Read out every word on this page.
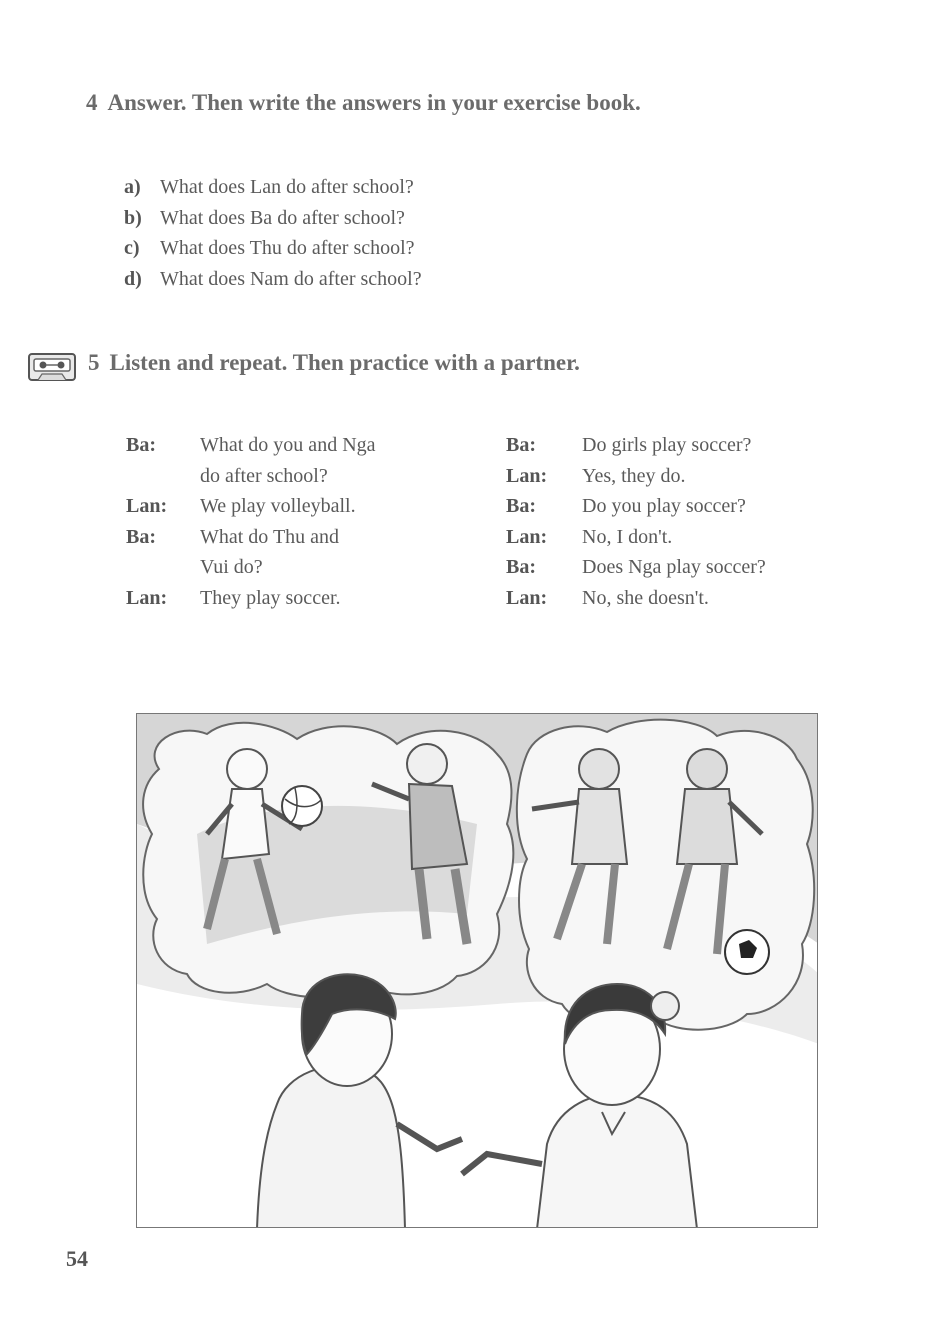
4 Answer. Then write the answers in your exercise book.
a) What does Lan do after school?
b) What does Ba do after school?
c) What does Thu do after school?
d) What does Nam do after school?
5 Listen and repeat. Then practice with a partner.
Ba:	What do you and Nga
do after school?
Lan:	We play volleyball.
Ba:	What do Thu and
Vui do?
Lan:	They play soccer.
Ba:	Do girls play soccer?
Lan:	Yes, they do.
Ba:	Do you play soccer?
Lan:	No, I don't.
Ba:	Does Nga play soccer?
Lan:	No, she doesn't.
54
